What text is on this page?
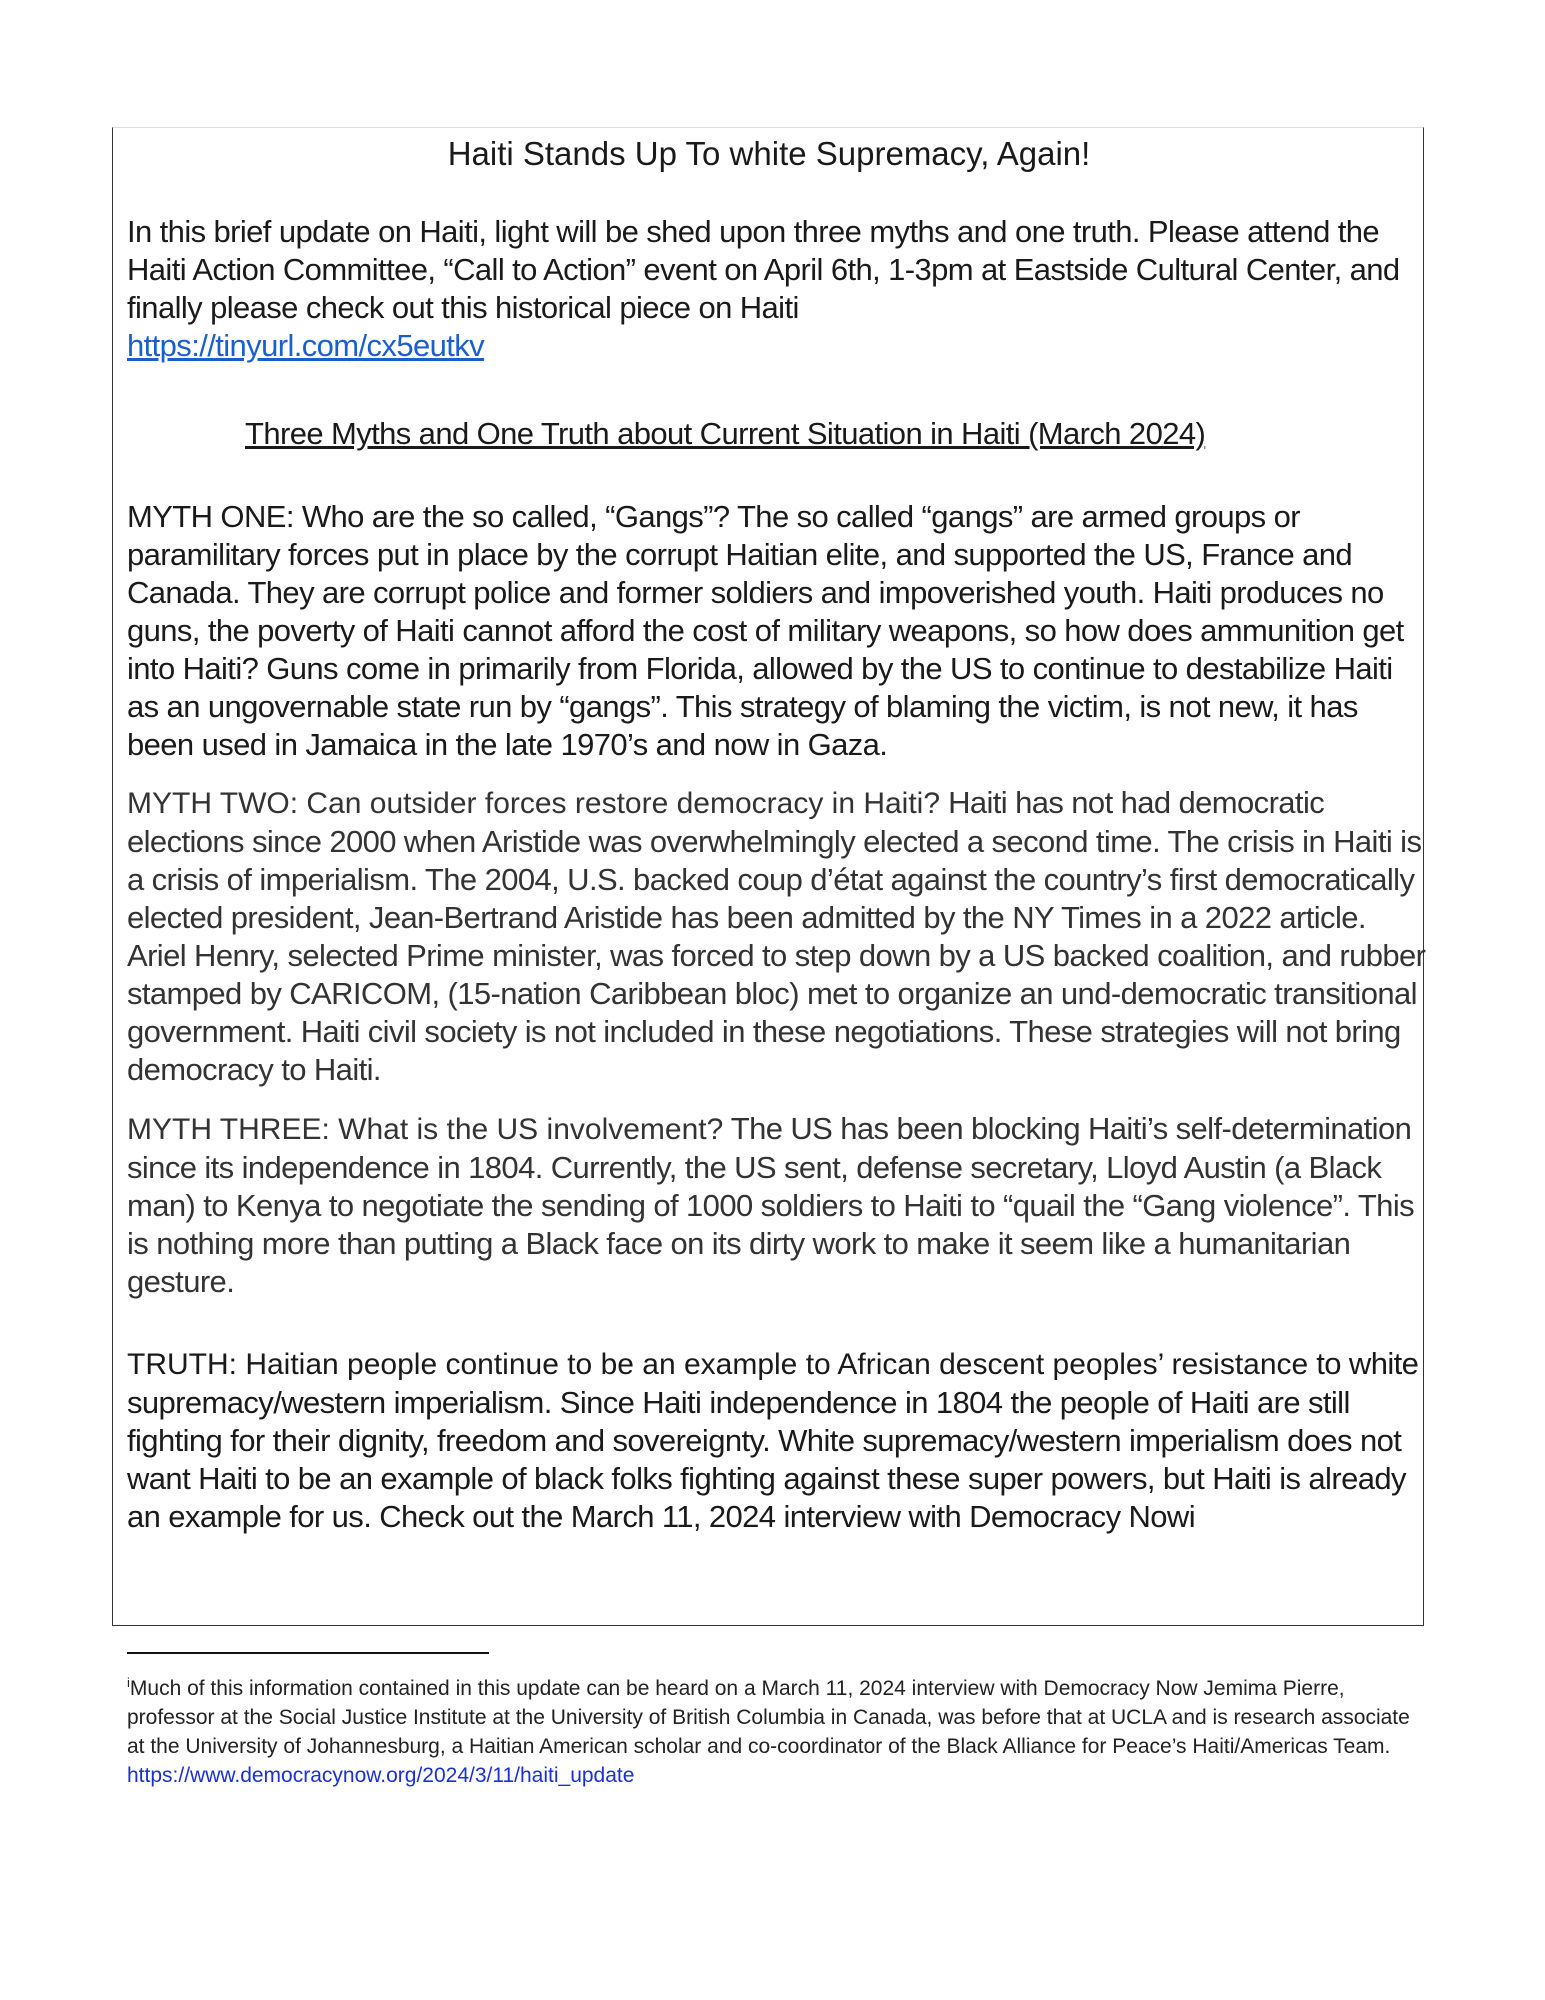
Haiti Stands Up To white Supremacy, Again!
In this brief update on Haiti, light will be shed upon three myths and one truth. Please attend the Haiti Action Committee, “Call to Action” event on April 6th, 1-3pm at Eastside Cultural Center, and finally please check out this historical piece on Haiti
https://tinyurl.com/cx5eutkv
Three Myths and One Truth about Current Situation in Haiti (March 2024)
MYTH ONE: Who are the so called, “Gangs”? The so called “gangs” are armed groups or paramilitary forces put in place by the corrupt Haitian elite, and supported the US, France and Canada. They are corrupt police and former soldiers and impoverished youth. Haiti produces no guns, the poverty of Haiti cannot afford the cost of military weapons, so how does ammunition get into Haiti? Guns come in primarily from Florida, allowed by the US to continue to destabilize Haiti as an ungovernable state run by “gangs”. This strategy of blaming the victim, is not new, it has been used in Jamaica in the late 1970’s and now in Gaza.
MYTH TWO: Can outsider forces restore democracy in Haiti? Haiti has not had democratic elections since 2000 when Aristide was overwhelmingly elected a second time. The crisis in Haiti is a crisis of imperialism. The 2004, U.S. backed coup d’état against the country’s first democratically elected president, Jean-Bertrand Aristide has been admitted by the NY Times in a 2022 article. Ariel Henry, selected Prime minister, was forced to step down by a US backed coalition, and rubber stamped by CARICOM, (15-nation Caribbean bloc) met to organize an und-democratic transitional government. Haiti civil society is not included in these negotiations. These strategies will not bring democracy to Haiti.
MYTH THREE: What is the US involvement? The US has been blocking Haiti’s self-determination since its independence in 1804. Currently, the US sent, defense secretary, Lloyd Austin (a Black man) to Kenya to negotiate the sending of 1000 soldiers to Haiti to “quail the “Gang violence”. This is nothing more than putting a Black face on its dirty work to make it seem like a humanitarian gesture.
TRUTH: Haitian people continue to be an example to African descent peoples’ resistance to white supremacy/western imperialism. Since Haiti independence in 1804 the people of Haiti are still fighting for their dignity, freedom and sovereignty. White supremacy/western imperialism does not want Haiti to be an example of black folks fighting against these super powers, but Haiti is already an example for us. Check out the March 11, 2024 interview with Democracy Nowi
$^i$Much of this information contained in this update can be heard on a March 11, 2024 interview with Democracy Now Jemima Pierre, professor at the Social Justice Institute at the University of British Columbia in Canada, was before that at UCLA and is research associate at the University of Johannesburg, a Haitian American scholar and co-coordinator of the Black Alliance for Peace’s Haiti/Americas Team.
https://www.democracynow.org/2024/3/11/haiti_update
